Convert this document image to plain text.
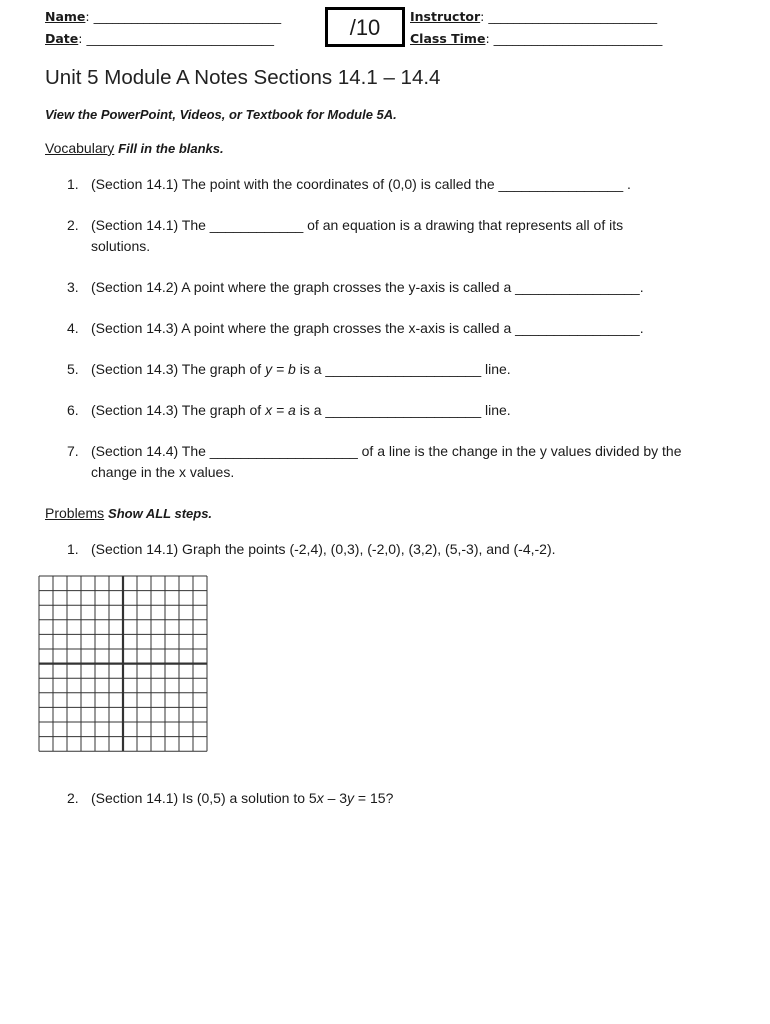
Name: ______________________________
Date: ______________________________	/10	Instructor: ___________________________
Class Time: ___________________________
Unit 5 Module A Notes Sections 14.1 – 14.4
View the PowerPoint, Videos, or Textbook for Module 5A.
Vocabulary Fill in the blanks.
1. (Section 14.1) The point with the coordinates of (0,0) is called the ________________ .
2. (Section 14.1) The ____________ of an equation is a drawing that represents all of its solutions.
3. (Section 14.2) A point where the graph crosses the y-axis is called a ________________.
4. (Section 14.3) A point where the graph crosses the x-axis is called a ________________.
5. (Section 14.3) The graph of y = b is a ____________________ line.
6. (Section 14.3) The graph of x = a is a ____________________ line.
7. (Section 14.4) The ___________________ of a line is the change in the y values divided by the change in the x values.
Problems Show ALL steps.
1. (Section 14.1) Graph the points (-2,4), (0,3), (-2,0), (3,2), (5,-3), and (-4,-2).
2. (Section 14.1) Is (0,5) a solution to 5x – 3y = 15?
